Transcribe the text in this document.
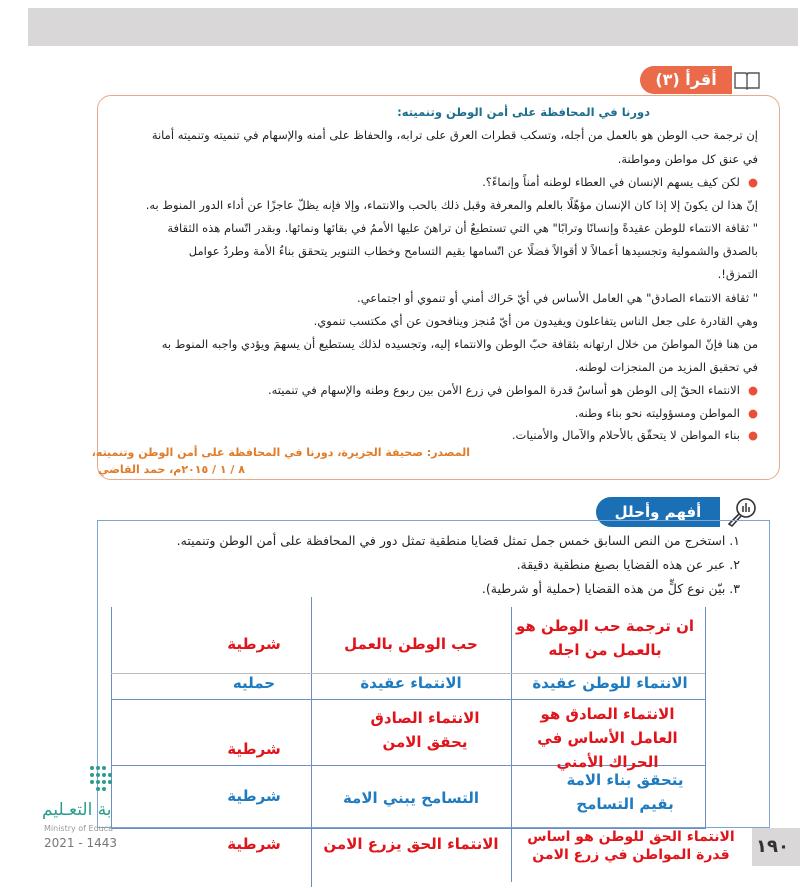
أقرأ (٣)
دورنا في المحافظة على أمن الوطن وتنميته:
إن ترجمة حب الوطن هو بالعمل من أجله، وتسكب قطرات العرق على ترابه، والحفاظ على أمنه والإسهام في تنميته وتنميته أمانة
في عنق كل مواطن ومواطنة.
●لكن كيف يسهم الإنسان في العطاء لوطنه أمناً وإنماءً؟.
إنّ هذا لن يكونَ إلا إذا كان الإنسان مؤهّلًا بالعلم والمعرفة وقبل ذلك بالحب والانتماء، وإلا فإنه يظلّ عاجزًا عن أداء الدور المنوط به.
" ثقافة الانتماء للوطن عقيدةً وإنسانًا وترابًا" هي التي تستطيعُ أن تراهنَ عليها الأممُ في بقائها ونمائها. وبقدر اتّسام هذه الثقافة
بالصدق والشمولية وتجسيدها أعمالاً لا أقوالاً فضلًا عن اتّسامها بقيم التسامح وخطاب التنوير يتحقق بناءُ الأمة وطردُ عوامل
التمزق!.
" ثقافة الانتماء الصادق" هي العامل الأساس في أيّ حَراك أمني أو تنموي أو اجتماعي.
وهي القادرة على جعل الناس يتفاعلون ويفيدون من أيّ مُنجز وينافحون عن أي مكتسب تنموي.
من هنا فإنّ المواطنَ من خلال ارتهانه بثقافة حبّ الوطن والانتماء إليه، وتجسيده لذلك يستطيع أن يسهمَ ويؤدي واجبه المنوط به
في تحقيق المزيد من المنجزات لوطنه.
●الانتماء الحقّ إلى الوطن هو أساسُ قدرة المواطن في زرع الأمن بين ربوع وطنه والإسهام في تنميته.
●المواطن ومسؤوليته نحو بناء وطنه.
●بناء المواطن لا يتحقّق بالأحلام والآمال والأمنيات.
المصدر: صحيفة الجزيرة، دورنا في المحافظة على أمن الوطن وتنميته،
٨ / ١ / ٢٠١٥م، حمد القاضي
أفهم وأحلل
١. استخرج من النص السابق خمس جمل تمثل قضايا منطقية تمثل دور في المحافظة على أمن الوطن وتنميته.
٢. عبر عن هذه القضايا بصيغ منطقية دقيقة.
٣. بيّن نوع كلٍّ من هذه القضايا (حملية أو شرطية).
ان ترجمة حب الوطن هو بالعمل من اجله
حب الوطن بالعمل
شرطية
الانتماء للوطن عقيدة
الانتماء عقيدة
حمليه
الانتماء الصادق هو العامل الأساس في الحراك الأمني
الانتماء الصادق يحقق الامن
شرطية
يتحقق بناء الامة بقيم التسامح
التسامح يبني الامة
شرطية
الانتماء الحق للوطن هو اساس قدرة المواطن في زرع الامن
الانتماء الحق يزرع الامن
شرطية
بة التعـليم
Ministry of Educa
2021 - 1443	١٩٠
